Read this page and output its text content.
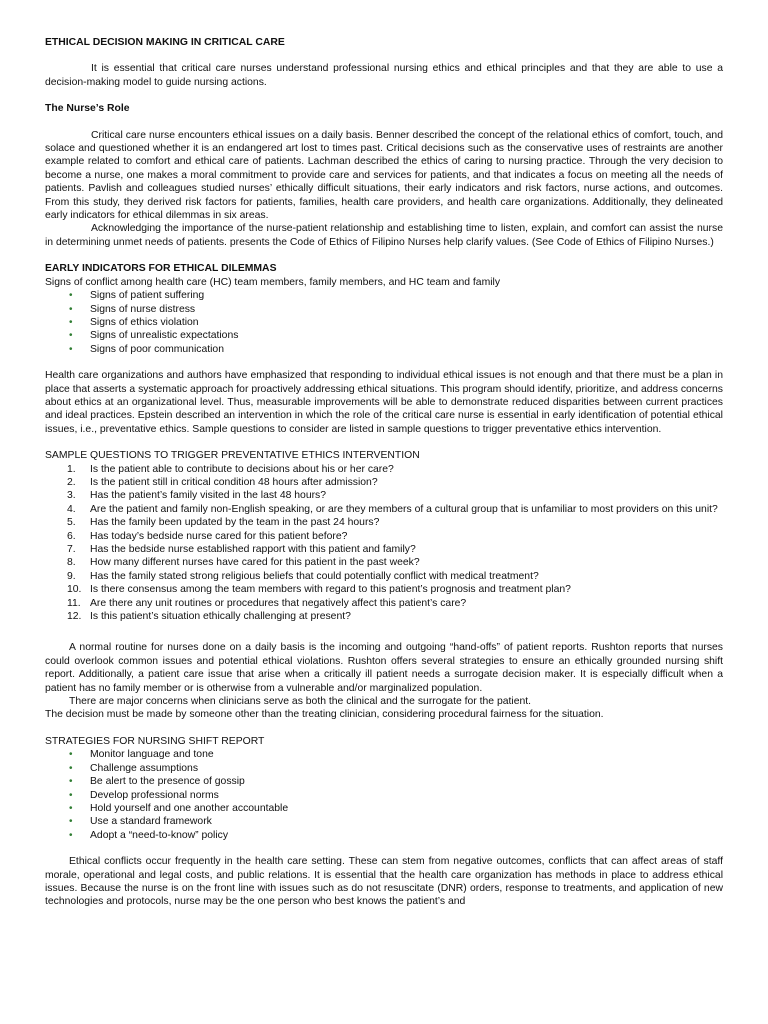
ETHICAL DECISION MAKING IN CRITICAL CARE

It is essential that critical care nurses understand professional nursing ethics and ethical principles and that they are able to use a decision-making model to guide nursing actions.

The Nurse’s Role

Critical care nurse encounters ethical issues on a daily basis. Benner described the concept of the relational ethics of comfort, touch, and solace and questioned whether it is an endangered art lost to times past. Critical decisions such as the conservative uses of restraints are another example related to comfort and ethical care of patients. Lachman described the ethics of caring to nursing practice. Through the very decision to become a nurse, one makes a moral commitment to provide care and services for patients, and that indicates a focus on meeting all the needs of patients. Pavlish and colleagues studied nurses’ ethically difficult situations, their early indicators and risk factors, nurse actions, and outcomes. From this study, they derived risk factors for patients, families, health care providers, and health care organizations. Additionally, they delineated early indicators for ethical dilemmas in six areas.

Acknowledging the importance of the nurse-patient relationship and establishing time to listen, explain, and comfort can assist the nurse in determining unmet needs of patients. presents the Code of Ethics of Filipino Nurses help clarify values. (See Code of Ethics of Filipino Nurses.)

EARLY INDICATORS FOR ETHICAL DILEMMAS
Signs of conflict among health care (HC) team members, family members, and HC team and family
• Signs of patient suffering
• Signs of nurse distress
• Signs of ethics violation
• Signs of unrealistic expectations
• Signs of poor communication

Health care organizations and authors have emphasized that responding to individual ethical issues is not enough and that there must be a plan in place that asserts a systematic approach for proactively addressing ethical situations. This program should identify, prioritize, and address concerns about ethics at an organizational level. Thus, measurable improvements will be able to demonstrate reduced disparities between current practices and ideal practices. Epstein described an intervention in which the role of the critical care nurse is essential in early identification of potential ethical issues, i.e., preventative ethics. Sample questions to consider are listed in sample questions to trigger preventative ethics intervention.

SAMPLE QUESTIONS TO TRIGGER PREVENTATIVE ETHICS INTERVENTION
1.	Is the patient able to contribute to decisions about his or her care?
2.	Is the patient still in critical condition 48 hours after admission?
3.	Has the patient’s family visited in the last 48 hours?
4.	Are the patient and family non-English speaking, or are they members of a cultural group that is unfamiliar to most providers on this unit?
5.	Has the family been updated by the team in the past 24 hours?
6.	Has today’s bedside nurse cared for this patient before?
7.	Has the bedside nurse established rapport with this patient and family?
8.	How many different nurses have cared for this patient in the past week?
9.	Has the family stated strong religious beliefs that could potentially conflict with medical treatment?
10. Is there consensus among the team members with regard to this patient’s prognosis and treatment plan?
11. Are there any unit routines or procedures that negatively affect this patient’s care?
12. Is this patient’s situation ethically challenging at present?

A normal routine for nurses done on a daily basis is the incoming and outgoing “hand-offs” of patient reports. Rushton reports that nurses could overlook common issues and potential ethical violations. Rushton offers several strategies to ensure an ethically grounded nursing shift report. Additionally, a patient care issue that arise when a critically ill patient needs a surrogate decision maker. It is especially difficult when a patient has no family member or is otherwise from a vulnerable and/or marginalized population.

There are major concerns when clinicians serve as both the clinical and the surrogate for the patient.

The decision must be made by someone other than the treating clinician, considering procedural fairness for the situation.

STRATEGIES FOR NURSING SHIFT REPORT
• Monitor language and tone
• Challenge assumptions
• Be alert to the presence of gossip
• Develop professional norms
• Hold yourself and one another accountable
• Use a standard framework
• Adopt a “need-to-know” policy

Ethical conflicts occur frequently in the health care setting. These can stem from negative outcomes, conflicts that can affect areas of staff morale, operational and legal costs, and public relations. It is essential that the health care organization has methods in place to address ethical issues. Because the nurse is on the front line with issues such as do not resuscitate (DNR) orders, response to treatments, and application of new technologies and protocols, nurse may be the one person who best knows the patient’s and
